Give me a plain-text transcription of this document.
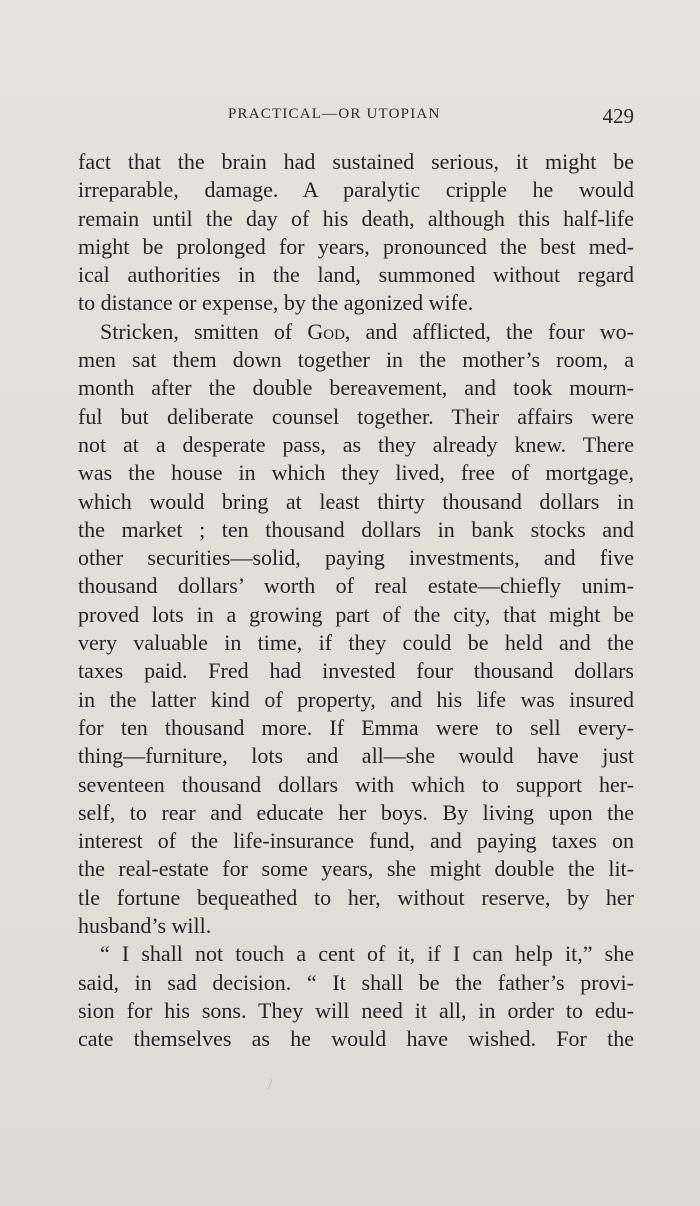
PRACTICAL—OR UTOPIAN	429
fact that the brain had sustained serious, it might be
irreparable, damage. A paralytic cripple he would
remain until the day of his death, although this half-life
might be prolonged for years, pronounced the best med-
ical authorities in the land, summoned without regard
to distance or expense, by the agonized wife.
Stricken, smitten of God, and afflicted, the four wo-
men sat them down together in the mother’s room, a
month after the double bereavement, and took mourn-
ful but deliberate counsel together. Their affairs were
not at a desperate pass, as they already knew. There
was the house in which they lived, free of mortgage,
which would bring at least thirty thousand dollars in
the market ; ten thousand dollars in bank stocks and
other securities—solid, paying investments, and five
thousand dollars’ worth of real estate—chiefly unim-
proved lots in a growing part of the city, that might be
very valuable in time, if they could be held and the
taxes paid. Fred had invested four thousand dollars
in the latter kind of property, and his life was insured
for ten thousand more. If Emma were to sell every-
thing—furniture, lots and all—she would have just
seventeen thousand dollars with which to support her-
self, to rear and educate her boys. By living upon the
interest of the life-insurance fund, and paying taxes on
the real-estate for some years, she might double the lit-
tle fortune bequeathed to her, without reserve, by her
husband’s will.
“ I shall not touch a cent of it, if I can help it,” she
said, in sad decision. “ It shall be the father’s provi-
sion for his sons. They will need it all, in order to edu-
cate themselves as he would have wished. For the
/
